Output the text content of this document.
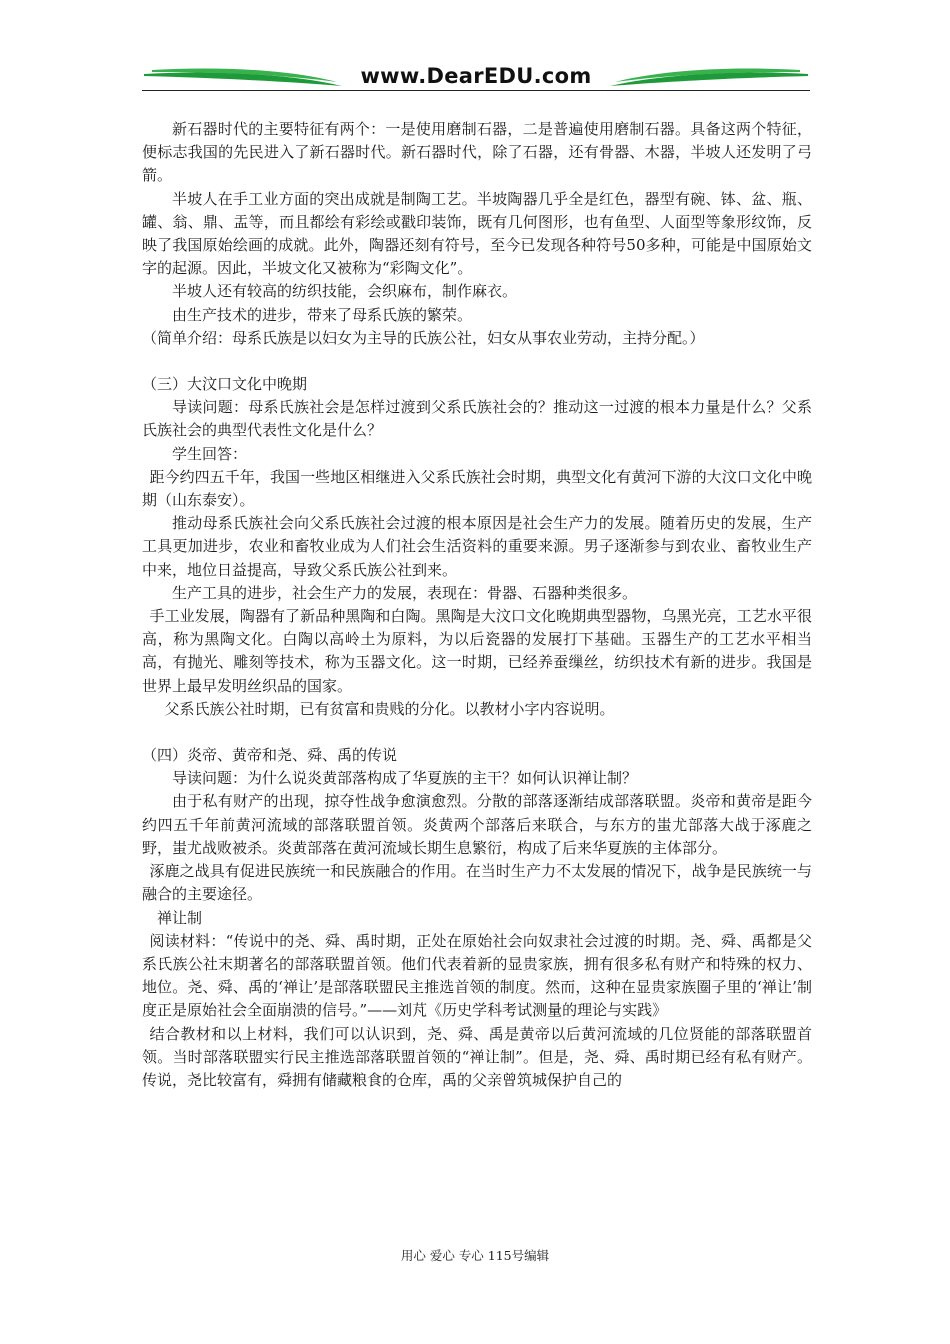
www.DearEDU.com

新石器时代的主要特征有两个：一是使用磨制石器，二是普遍使用磨制石器。具备这两个特征，便标志我国的先民进入了新石器时代。新石器时代，除了石器，还有骨器、木器，半坡人还发明了弓箭。

半坡人在手工业方面的突出成就是制陶工艺。半坡陶器几乎全是红色，器型有碗、钵、盆、瓶、罐、翁、鼎、盂等，而且都绘有彩绘或戳印装饰，既有几何图形，也有鱼型、人面型等象形纹饰，反映了我国原始绘画的成就。此外，陶器还刻有符号，至今已发现各种符号50多种，可能是中国原始文字的起源。因此，半坡文化又被称为“彩陶文化”。

半坡人还有较高的纺织技能，会织麻布，制作麻衣。

由生产技术的进步，带来了母系氏族的繁荣。

（简单介绍：母系氏族是以妇女为主导的氏族公社，妇女从事农业劳动，主持分配。）

（三）大汶口文化中晚期

导读问题：母系氏族社会是怎样过渡到父系氏族社会的？推动这一过渡的根本力量是什么？父系氏族社会的典型代表性文化是什么？

学生回答：

距今约四五千年，我国一些地区相继进入父系氏族社会时期，典型文化有黄河下游的大汶口文化中晚期（山东泰安）。

推动母系氏族社会向父系氏族社会过渡的根本原因是社会生产力的发展。随着历史的发展，生产工具更加进步，农业和畜牧业成为人们社会生活资料的重要来源。男子逐渐参与到农业、畜牧业生产中来，地位日益提高，导致父系氏族公社到来。

生产工具的进步，社会生产力的发展，表现在：骨器、石器种类很多。

手工业发展，陶器有了新品种黑陶和白陶。黑陶是大汶口文化晚期典型器物，乌黑光亮，工艺水平很高，称为黑陶文化。白陶以高岭土为原料，为以后瓷器的发展打下基础。玉器生产的工艺水平相当高，有抛光、雕刻等技术，称为玉器文化。这一时期，已经养蚕缫丝，纺织技术有新的进步。我国是世界上最早发明丝织品的国家。

父系氏族公社时期，已有贫富和贵贱的分化。以教材小字内容说明。

（四）炎帝、黄帝和尧、舜、禹的传说

导读问题：为什么说炎黄部落构成了华夏族的主干？如何认识禅让制？

由于私有财产的出现，掠夺性战争愈演愈烈。分散的部落逐渐结成部落联盟。炎帝和黄帝是距今约四五千年前黄河流域的部落联盟首领。炎黄两个部落后来联合，与东方的蚩尤部落大战于涿鹿之野，蚩尤战败被杀。炎黄部落在黄河流域长期生息繁衍，构成了后来华夏族的主体部分。

涿鹿之战具有促进民族统一和民族融合的作用。在当时生产力不太发展的情况下，战争是民族统一与融合的主要途径。

禅让制

阅读材料：“传说中的尧、舜、禹时期，正处在原始社会向奴隶社会过渡的时期。尧、舜、禹都是父系氏族公社末期著名的部落联盟首领。他们代表着新的显贵家族，拥有很多私有财产和特殊的权力、地位。尧、舜、禹的‘禅让’是部落联盟民主推选首领的制度。然而，这种在显贵家族圈子里的‘禅让’制度正是原始社会全面崩溃的信号。”——刘芃《历史学科考试测量的理论与实践》

结合教材和以上材料，我们可以认识到，尧、舜、禹是黄帝以后黄河流域的几位贤能的部落联盟首领。当时部落联盟实行民主推选部落联盟首领的“禅让制”。但是，尧、舜、禹时期已经有私有财产。传说，尧比较富有，舜拥有储藏粮食的仓库，禹的父亲曾筑城保护自己的

用心 爱心 专心 115号编辑
